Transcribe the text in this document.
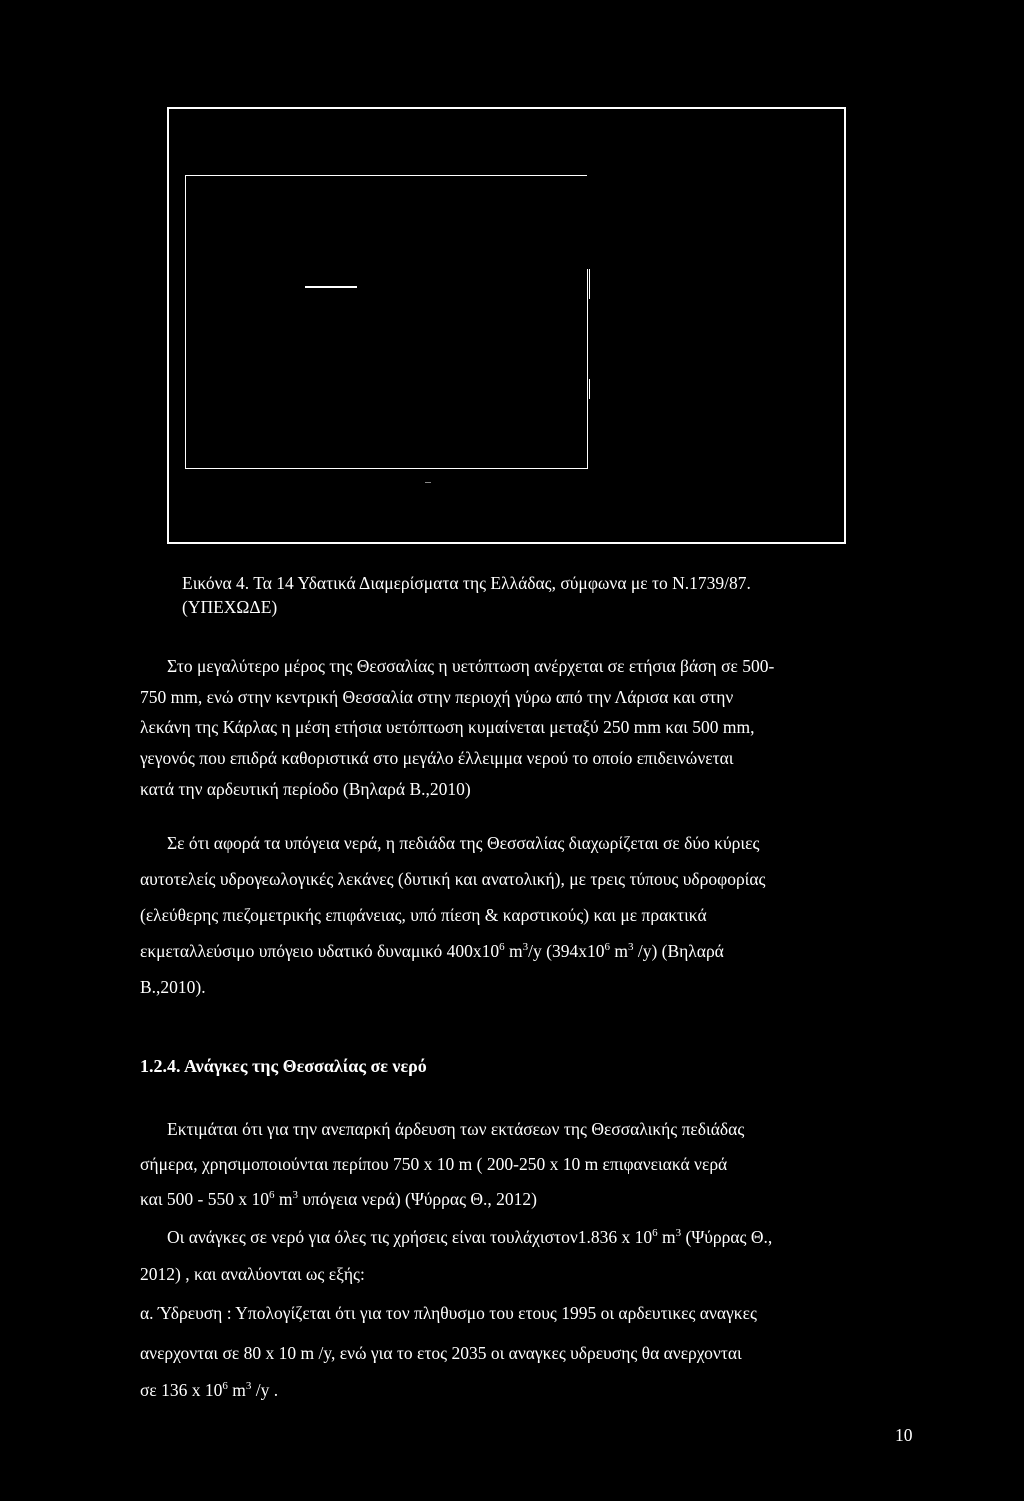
Εικόνα 4. Τα 14 Υδατικά Διαμερίσματα της Ελλάδας, σύμφωνα με το Ν.1739/87.
(ΥΠΕΧΩΔΕ)
Στο μεγαλύτερο μέρος της Θεσσαλίας η υετόπτωση ανέρχεται σε ετήσια βάση σε 500-
750 mm, ενώ στην κεντρική Θεσσαλία στην περιοχή γύρω από την Λάρισα και στην
λεκάνη της Κάρλας η μέση ετήσια υετόπτωση κυμαίνεται μεταξύ 250 mm και 500 mm,
γεγονός που επιδρά καθοριστικά στο μεγάλο έλλειμμα νερού το οποίο επιδεινώνεται
κατά την αρδευτική περίοδο (Βηλαρά Β.,2010)
Σε ότι αφορά τα υπόγεια νερά, η πεδιάδα της Θεσσαλίας διαχωρίζεται σε δύο κύριες
αυτοτελείς υδρογεωλογικές λεκάνες (δυτική και ανατολική), με τρεις τύπους υδροφορίας
(ελεύθερης πιεζομετρικής επιφάνειας, υπό πίεση & καρστικούς) και με πρακτικά
εκμεταλλεύσιμο υπόγειο υδατικό δυναμικό $400x10^6$ $m^3/y$ ($394x10^6$ $m^3$ /y) (Βηλαρά
Β.,2010).
1.2.4. Ανάγκες της Θεσσαλίας σε νερό
Εκτιμάται ότι για την ανεπαρκή άρδευση των εκτάσεων της Θεσσαλικής πεδιάδας
σήμερα, χρησιμοποιούνται περίπου 750 x 10 m ( 200-250 x 10 m επιφανειακά νερά
και 500 - 550 x $10^6$ $m^3$ υπόγεια νερά) (Ψύρρας Θ., 2012)
Οι ανάγκες σε νερό για όλες τις χρήσεις είναι τουλάχιστον1.836 x $10^6$ $m^3$ (Ψύρρας Θ.,
2012) , και αναλύονται ως εξής:
α. Ύδρευση : Υπολογίζεται ότι για τον πληθυσμο του ετους 1995 οι αρδευτικες αναγκες
ανερχονται σε 80 x 10 m /y, ενώ για το ετος 2035 οι αναγκες υδρευσης θα ανερχονται
σε 136 x $10^6$ $m^3$ /y .
10
